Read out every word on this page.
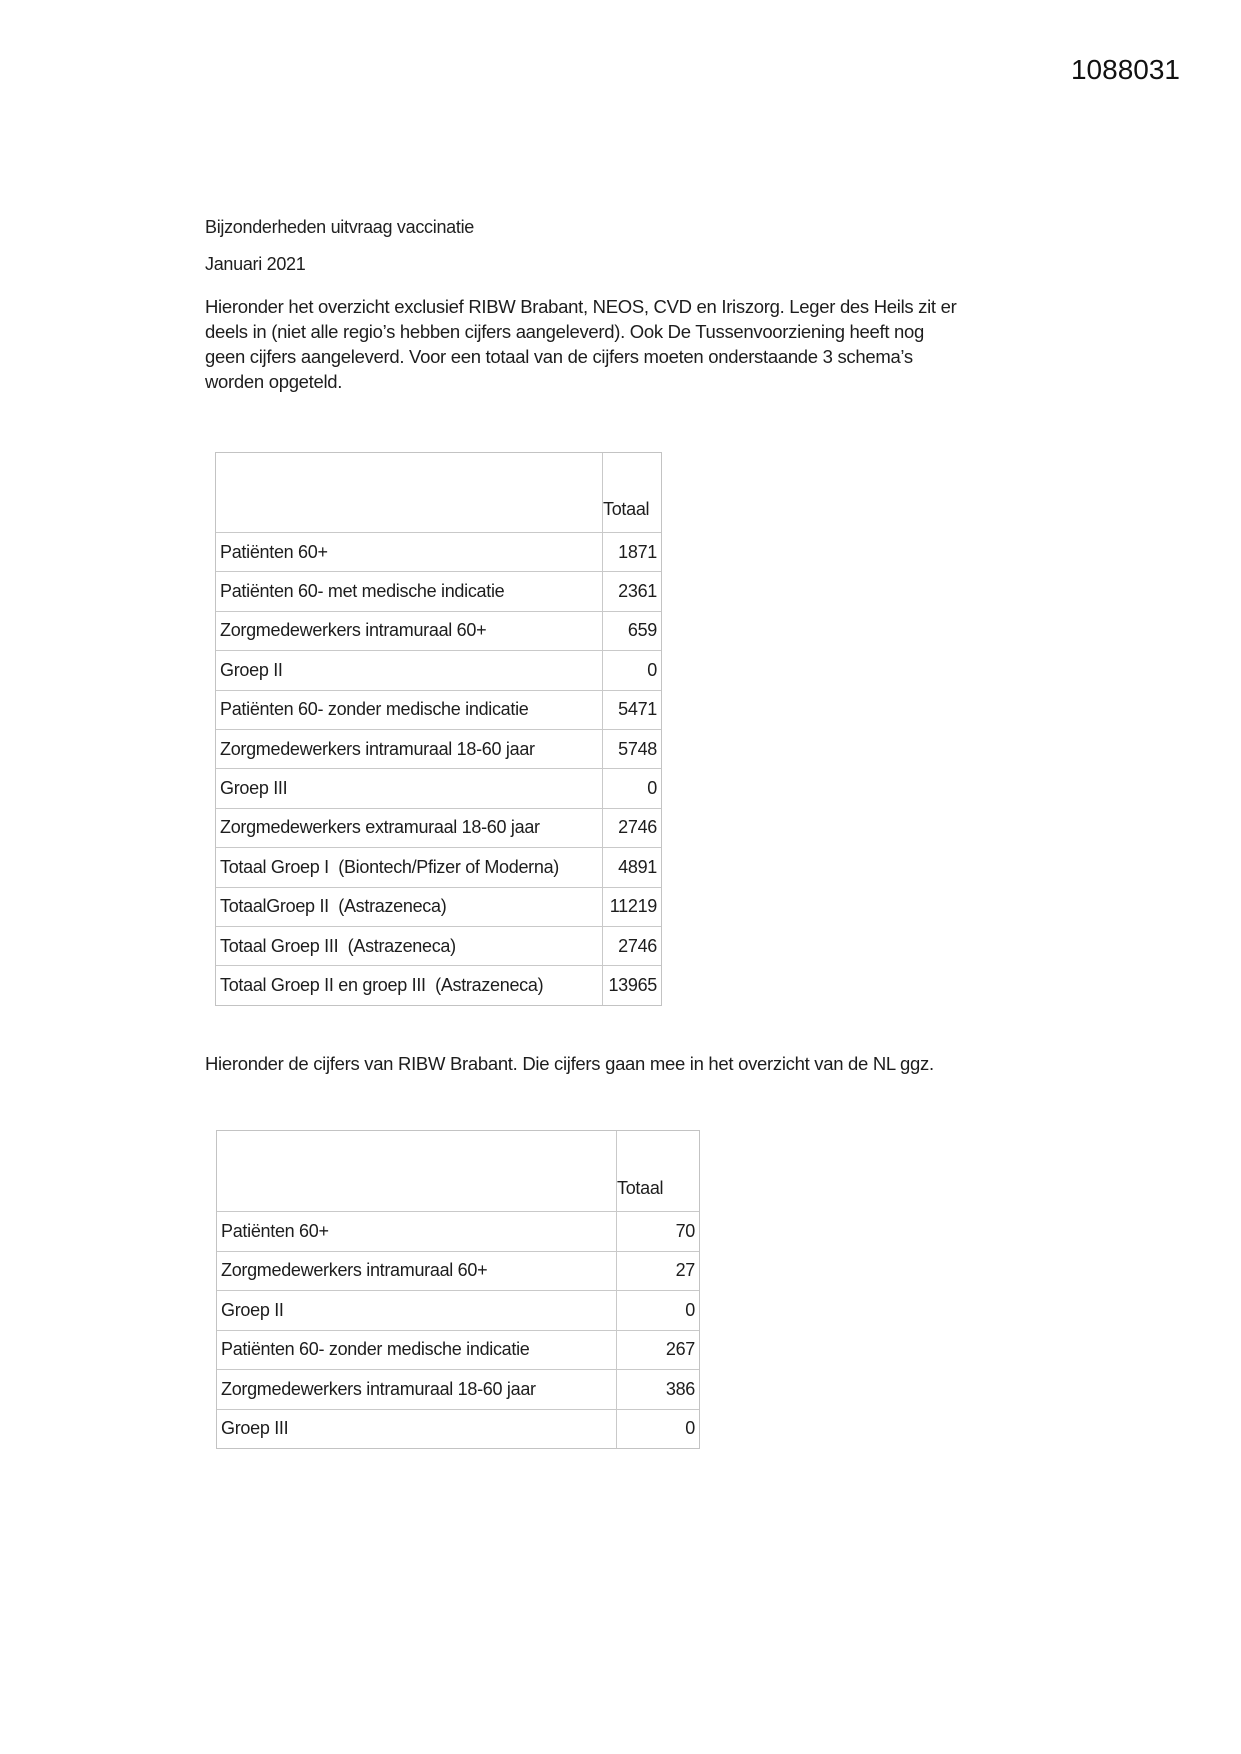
1088031
Bijzonderheden uitvraag vaccinatie
Januari 2021
Hieronder het overzicht exclusief RIBW Brabant, NEOS, CVD en Iriszorg. Leger des Heils zit er
deels in (niet alle regio’s hebben cijfers aangeleverd). Ook De Tussenvoorziening heeft nog
geen cijfers aangeleverd. Voor een totaal van de cijfers moeten onderstaande 3 schema’s
worden opgeteld.
Totaal
Patiënten 60+	1871
Patiënten 60- met medische indicatie	2361
Zorgmedewerkers intramuraal 60+	659
Groep II	0
Patiënten 60- zonder medische indicatie	5471
Zorgmedewerkers intramuraal 18-60 jaar	5748
Groep III	0
Zorgmedewerkers extramuraal 18-60 jaar	2746
Totaal Groep I  (Biontech/Pfizer of Moderna)	4891
TotaalGroep II  (Astrazeneca)	11219
Totaal Groep III  (Astrazeneca)	2746
Totaal Groep II en groep III  (Astrazeneca)	13965
Hieronder de cijfers van RIBW Brabant. Die cijfers gaan mee in het overzicht van de NL ggz.
Totaal
Patiënten 60+	70
Zorgmedewerkers intramuraal 60+	27
Groep II	0
Patiënten 60- zonder medische indicatie	267
Zorgmedewerkers intramuraal 18-60 jaar	386
Groep III	0
